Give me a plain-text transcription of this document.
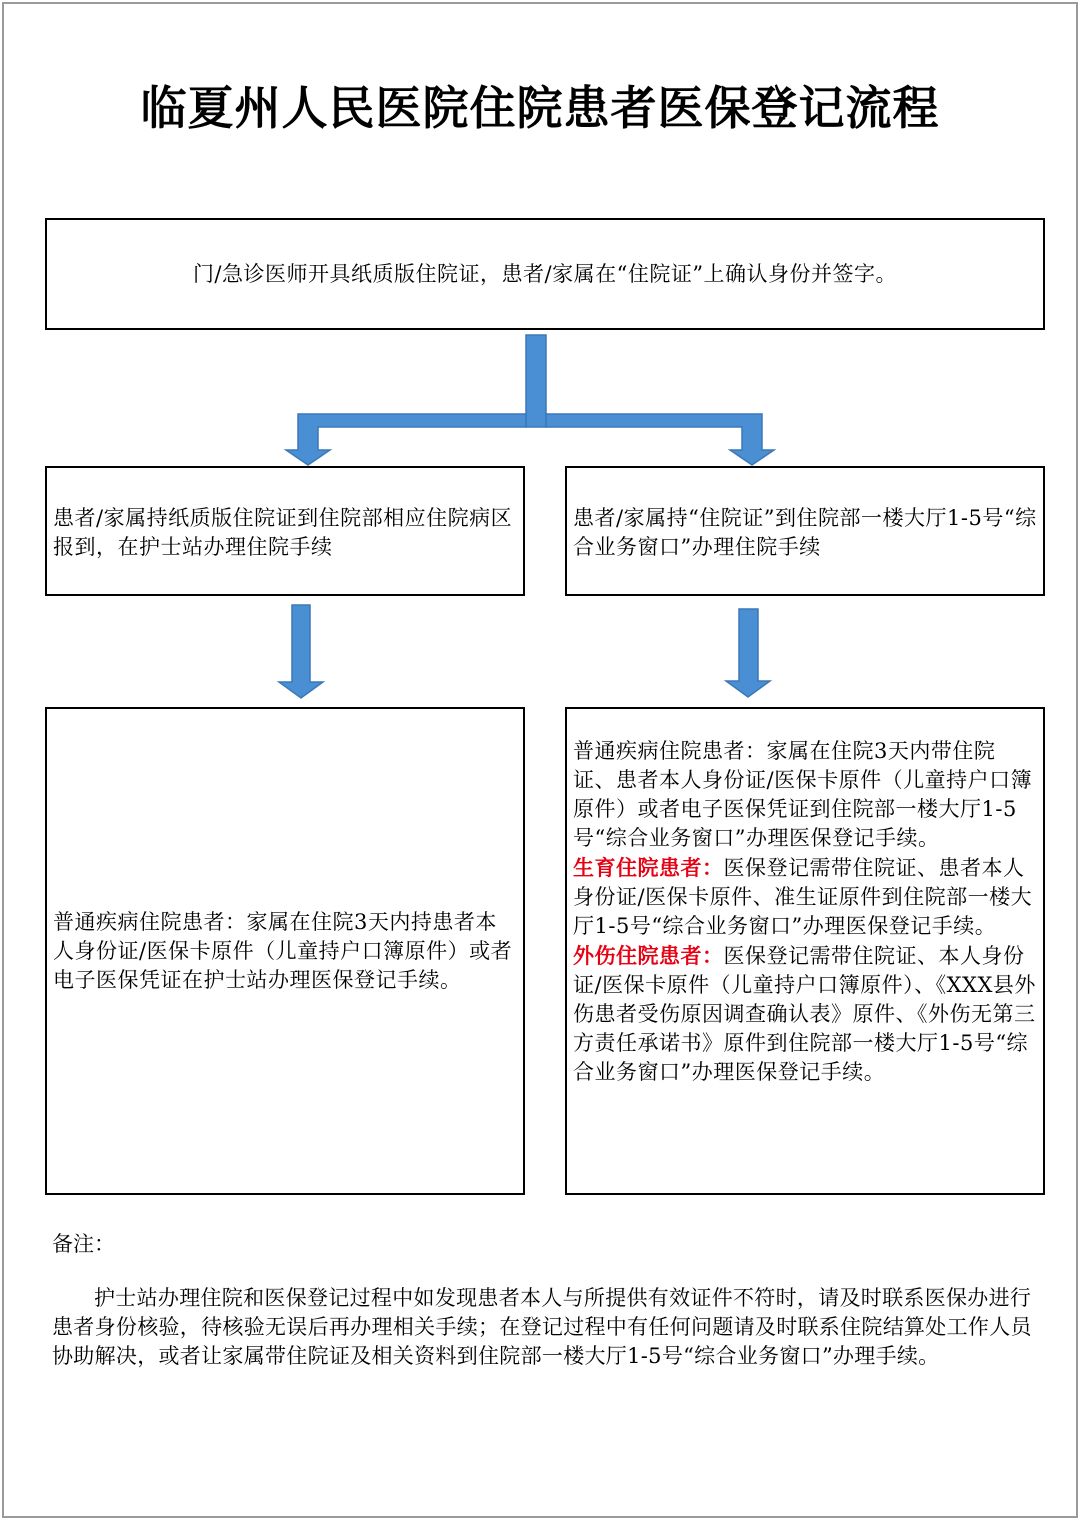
临夏州人民医院住院患者医保登记流程
门/急诊医师开具纸质版住院证，患者/家属在“住院证”上确认身份并签字。
患者/家属持纸质版住院证到住院部相应住院病区报到，在护士站办理住院手续
患者/家属持“住院证”到住院部一楼大厅1-5号“综合业务窗口”办理住院手续
普通疾病住院患者：家属在住院3天内持患者本人身份证/医保卡原件（儿童持户口簿原件）或者电子医保凭证在护士站办理医保登记手续。
普通疾病住院患者：家属在住院3天内带住院证、患者本人身份证/医保卡原件（儿童持户口簿原件）或者电子医保凭证到住院部一楼大厅1-5号“综合业务窗口”办理医保登记手续。
生育住院患者：医保登记需带住院证、患者本人身份证/医保卡原件、准生证原件到住院部一楼大厅1-5号“综合业务窗口”办理医保登记手续。
外伤住院患者：医保登记需带住院证、本人身份证/医保卡原件（儿童持户口簿原件）、《XXX县外伤患者受伤原因调查确认表》原件、《外伤无第三方责任承诺书》原件到住院部一楼大厅1-5号“综合业务窗口”办理医保登记手续。
备注：
护士站办理住院和医保登记过程中如发现患者本人与所提供有效证件不符时，请及时联系医保办进行患者身份核验，待核验无误后再办理相关手续；在登记过程中有任何问题请及时联系住院结算处工作人员协助解决，或者让家属带住院证及相关资料到住院部一楼大厅1-5号“综合业务窗口”办理手续。
